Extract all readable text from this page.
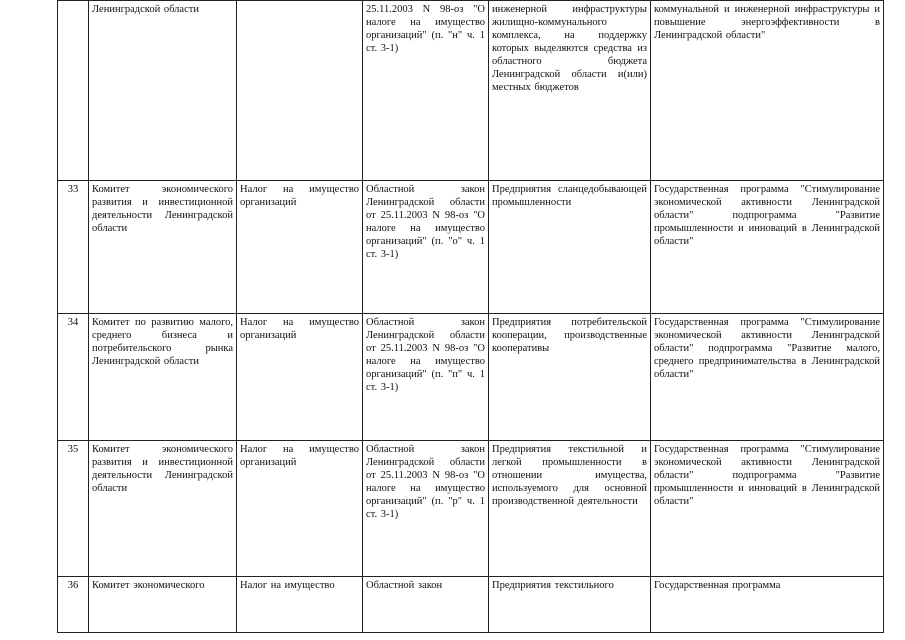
	Ленинградской области		25.11.2003 N 98-оз "О налоге на имущество организаций" (п. "н" ч. 1 ст. 3-1)	инженерной инфраструктуры жилищно-коммунального комплекса, на поддержку которых выделяются средства из областного бюджета Ленинградской области и(или) местных бюджетов	коммунальной и инженерной инфраструктуры и повышение энергоэффективности в Ленинградской области"
33	Комитет экономического развития и инвестиционной деятельности Ленинградской области	Налог на имущество организаций	Областной закон Ленинградской области от 25.11.2003 N 98-оз "О налоге на имущество организаций" (п. "о" ч. 1 ст. 3-1)	Предприятия сланцедобывающей промышленности	Государственная программа "Стимулирование экономической активности Ленинградской области" подпрограмма "Развитие промышленности и инноваций в Ленинградской области"
34	Комитет по развитию малого, среднего бизнеса и потребительского рынка Ленинградской области	Налог на имущество организаций	Областной закон Ленинградской области от 25.11.2003 N 98-оз "О налоге на имущество организаций" (п. "п" ч. 1 ст. 3-1)	Предприятия потребительской кооперации, производственные кооперативы	Государственная программа "Стимулирование экономической активности Ленинградской области" подпрограмма "Развитие малого, среднего предпринимательства в Ленинградской области"
35	Комитет экономического развития и инвестиционной деятельности Ленинградской области	Налог на имущество организаций	Областной закон Ленинградской области от 25.11.2003 N 98-оз "О налоге на имущество организаций" (п. "р" ч. 1 ст. 3-1)	Предприятия текстильной и легкой промышленности в отношении имущества, используемого для основной производственной деятельности	Государственная программа "Стимулирование экономической активности Ленинградской области" подпрограмма "Развитие промышленности и инноваций в Ленинградской области"
36	Комитет экономического	Налог на имущество	Областной закон	Предприятия текстильного	Государственная программа
